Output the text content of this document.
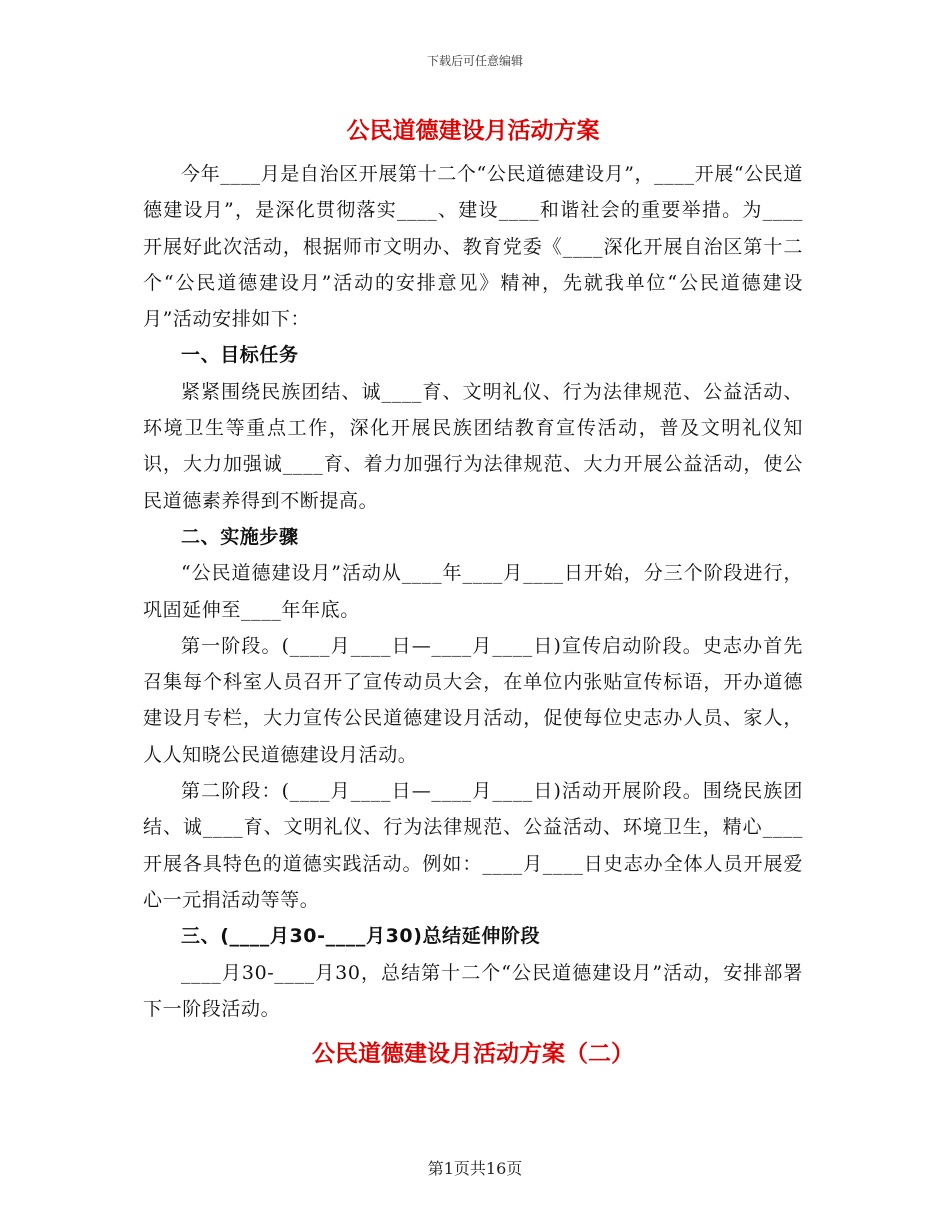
下载后可任意编辑
公民道德建设月活动方案

今年____月是自治区开展第十二个“公民道德建设月”，____开展“公民道德建设月”，是深化贯彻落实____、建设____和谐社会的重要举措。为____开展好此次活动，根据师市文明办、教育党委《____深化开展自治区第十二个“公民道德建设月”活动的安排意见》精神，先就我单位“公民道德建设月”活动安排如下：

一、目标任务

紧紧围绕民族团结、诚____育、文明礼仪、行为法律规范、公益活动、环境卫生等重点工作，深化开展民族团结教育宣传活动，普及文明礼仪知识，大力加强诚____育、着力加强行为法律规范、大力开展公益活动，使公民道德素养得到不断提高。

二、实施步骤

“公民道德建设月”活动从____年____月____日开始，分三个阶段进行，巩固延伸至____年年底。

第一阶段。(____月____日—____月____日)宣传启动阶段。史志办首先召集每个科室人员召开了宣传动员大会，在单位内张贴宣传标语，开办道德建设月专栏，大力宣传公民道德建设月活动，促使每位史志办人员、家人，人人知晓公民道德建设月活动。

第二阶段：(____月____日—____月____日)活动开展阶段。围绕民族团结、诚____育、文明礼仪、行为法律规范、公益活动、环境卫生，精心____开展各具特色的道德实践活动。例如：____月____日史志办全体人员开展爱心一元捐活动等等。

三、(____月30-____月30)总结延伸阶段

____月30-____月30，总结第十二个“公民道德建设月”活动，安排部署下一阶段活动。

公民道德建设月活动方案（二）
第1页共16页
